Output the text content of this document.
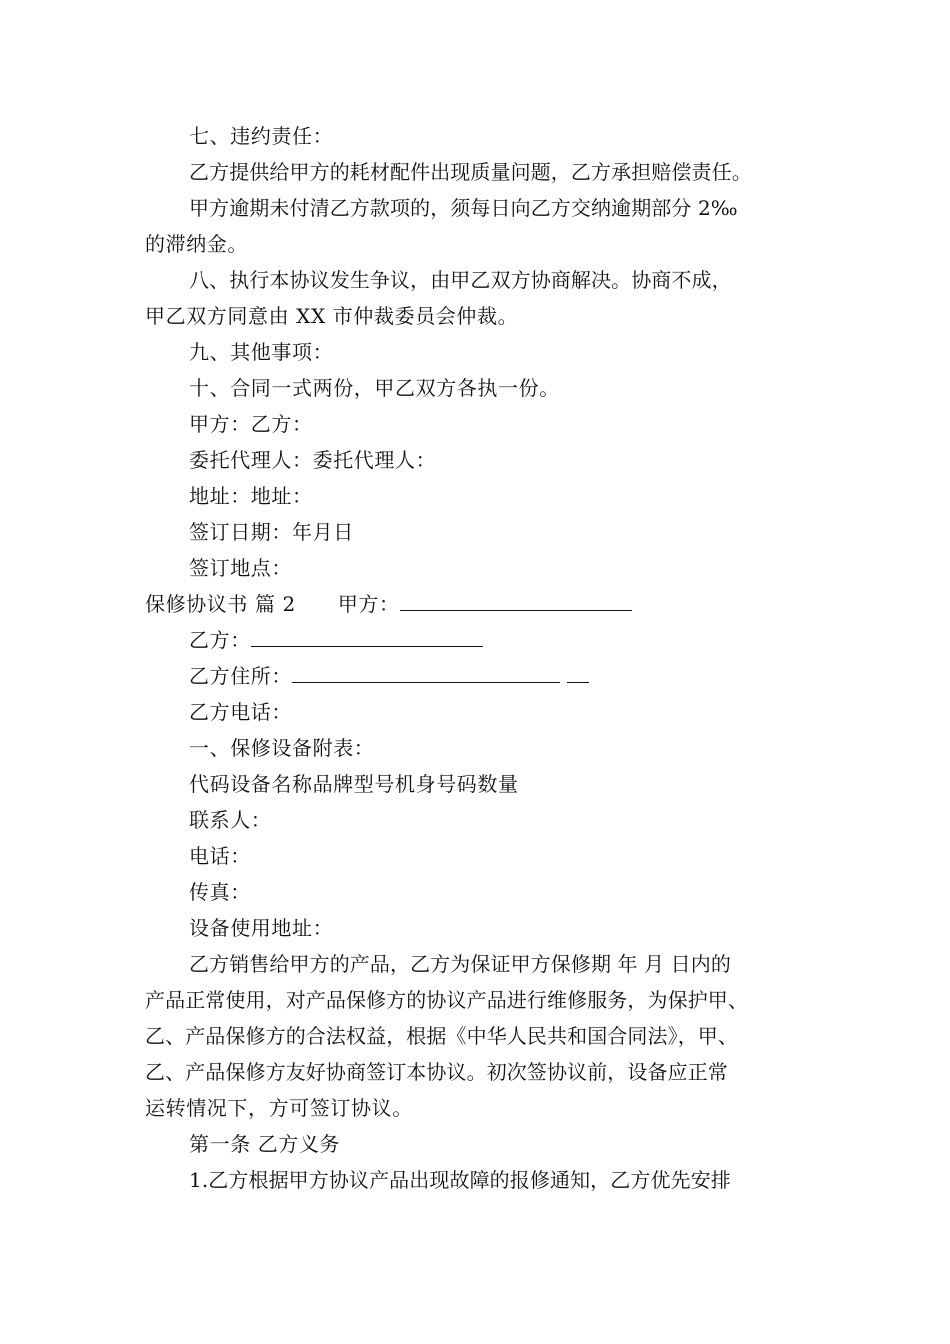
七、违约责任：
乙方提供给甲方的耗材配件出现质量问题，乙方承担赔偿责任。
甲方逾期未付清乙方款项的，须每日向乙方交纳逾期部分 2‰
的滞纳金。
八、执行本协议发生争议，由甲乙双方协商解决。协商不成，
甲乙双方同意由 XX 市仲裁委员会仲裁。
九、其他事项：
十、合同一式两份，甲乙双方各执一份。
甲方：乙方：
委托代理人：委托代理人：
地址：地址：
签订日期：年月日
签订地点：
保修协议书 篇 2 甲方：
乙方：
乙方住所：
乙方电话：
一、保修设备附表：
代码设备名称品牌型号机身号码数量
联系人：
电话：
传真：
设备使用地址：
乙方销售给甲方的产品，乙方为保证甲方保修期 年 月 日内的
产品正常使用，对产品保修方的协议产品进行维修服务，为保护甲、
乙、产品保修方的合法权益，根据《中华人民共和国合同法》，甲、
乙、产品保修方友好协商签订本协议。初次签协议前，设备应正常
运转情况下，方可签订协议。
第一条 乙方义务
1.乙方根据甲方协议产品出现故障的报修通知，乙方优先安排
